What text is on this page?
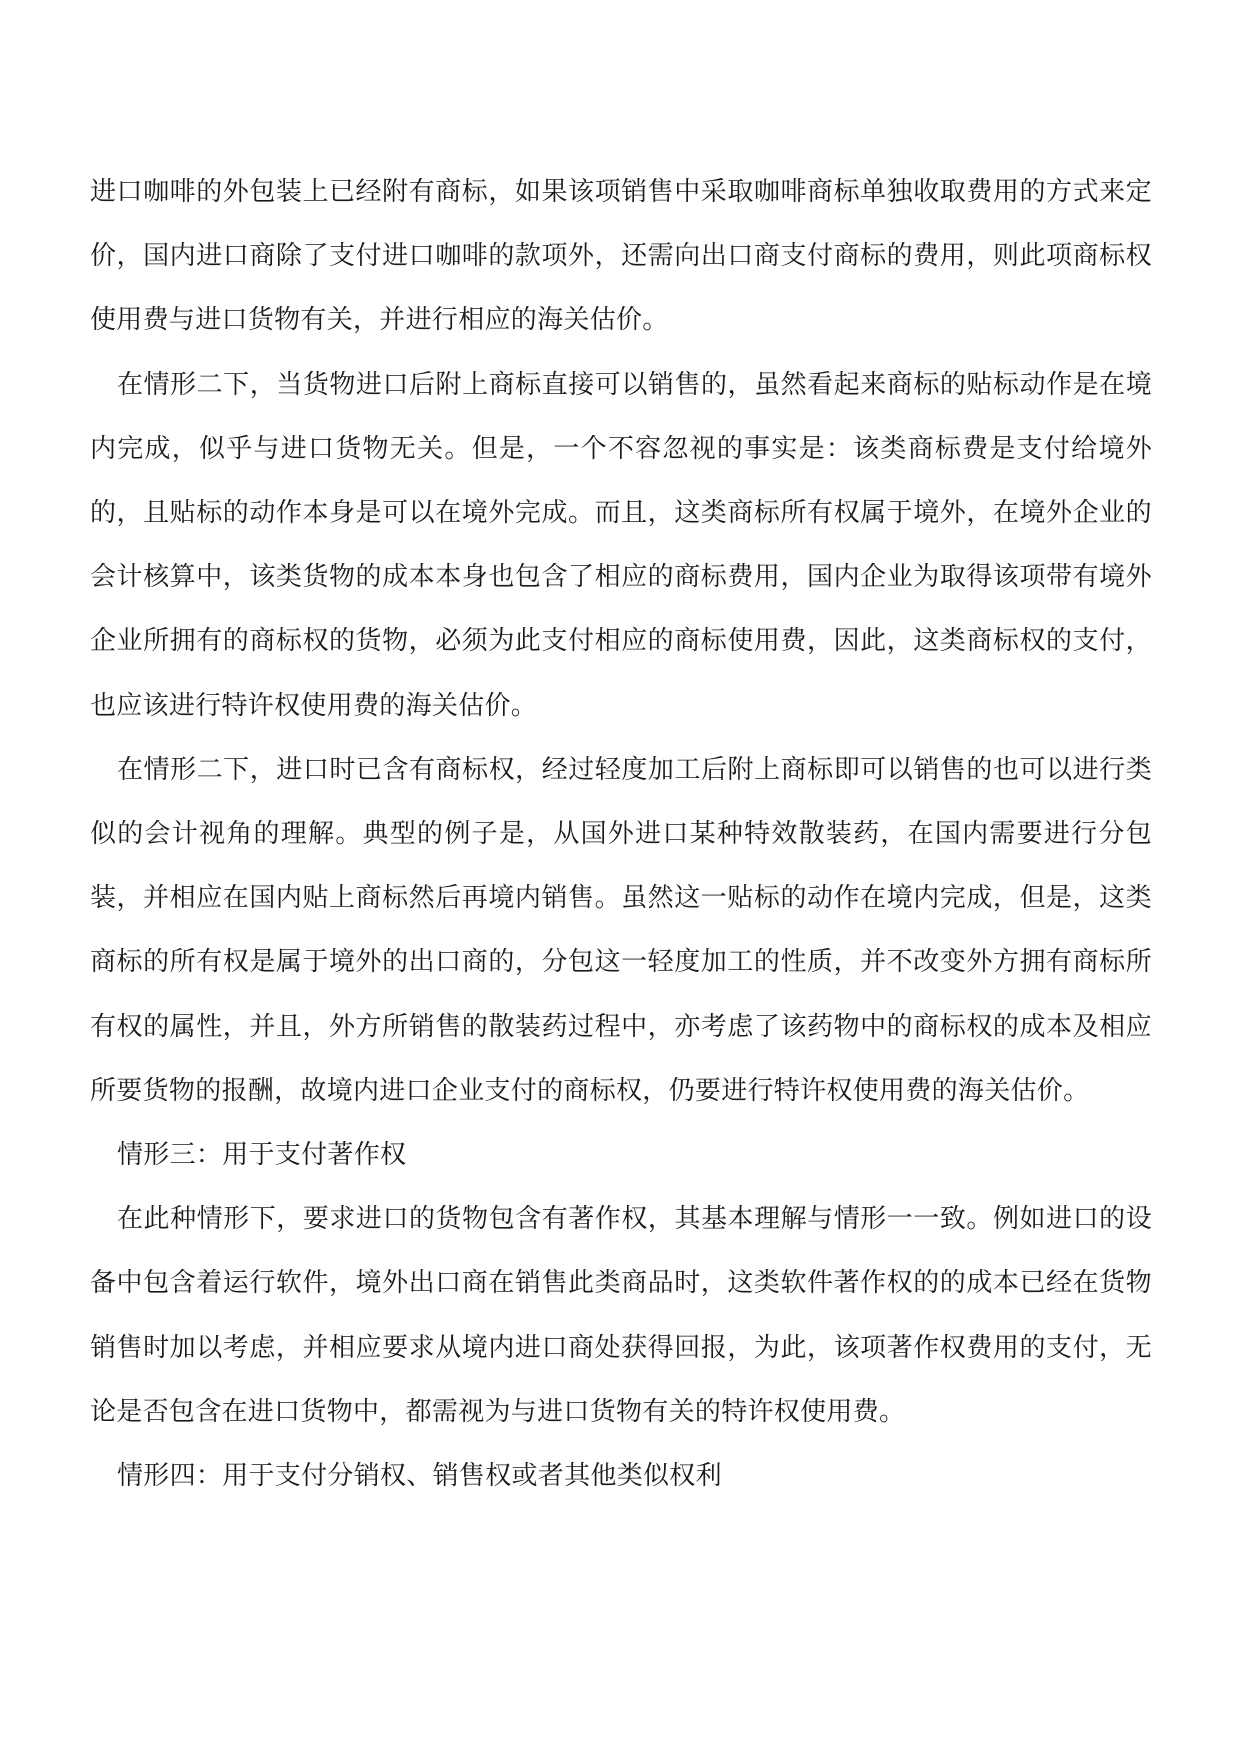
进口咖啡的外包装上已经附有商标，如果该项销售中采取咖啡商标单独收取费用的方式来定价，国内进口商除了支付进口咖啡的款项外，还需向出口商支付商标的费用，则此项商标权使用费与进口货物有关，并进行相应的海关估价。

在情形二下，当货物进口后附上商标直接可以销售的，虽然看起来商标的贴标动作是在境内完成，似乎与进口货物无关。但是，一个不容忽视的事实是：该类商标费是支付给境外的，且贴标的动作本身是可以在境外完成。而且，这类商标所有权属于境外，在境外企业的会计核算中，该类货物的成本本身也包含了相应的商标费用，国内企业为取得该项带有境外企业所拥有的商标权的货物，必须为此支付相应的商标使用费，因此，这类商标权的支付，也应该进行特许权使用费的海关估价。

在情形二下，进口时已含有商标权，经过轻度加工后附上商标即可以销售的也可以进行类似的会计视角的理解。典型的例子是，从国外进口某种特效散装药，在国内需要进行分包装，并相应在国内贴上商标然后再境内销售。虽然这一贴标的动作在境内完成，但是，这类商标的所有权是属于境外的出口商的，分包这一轻度加工的性质，并不改变外方拥有商标所有权的属性，并且，外方所销售的散装药过程中，亦考虑了该药物中的商标权的成本及相应所要货物的报酬，故境内进口企业支付的商标权，仍要进行特许权使用费的海关估价。

情形三：用于支付著作权

在此种情形下，要求进口的货物包含有著作权，其基本理解与情形一一致。例如进口的设备中包含着运行软件，境外出口商在销售此类商品时，这类软件著作权的的成本已经在货物销售时加以考虑，并相应要求从境内进口商处获得回报，为此，该项著作权费用的支付，无论是否包含在进口货物中，都需视为与进口货物有关的特许权使用费。

情形四：用于支付分销权、销售权或者其他类似权利
